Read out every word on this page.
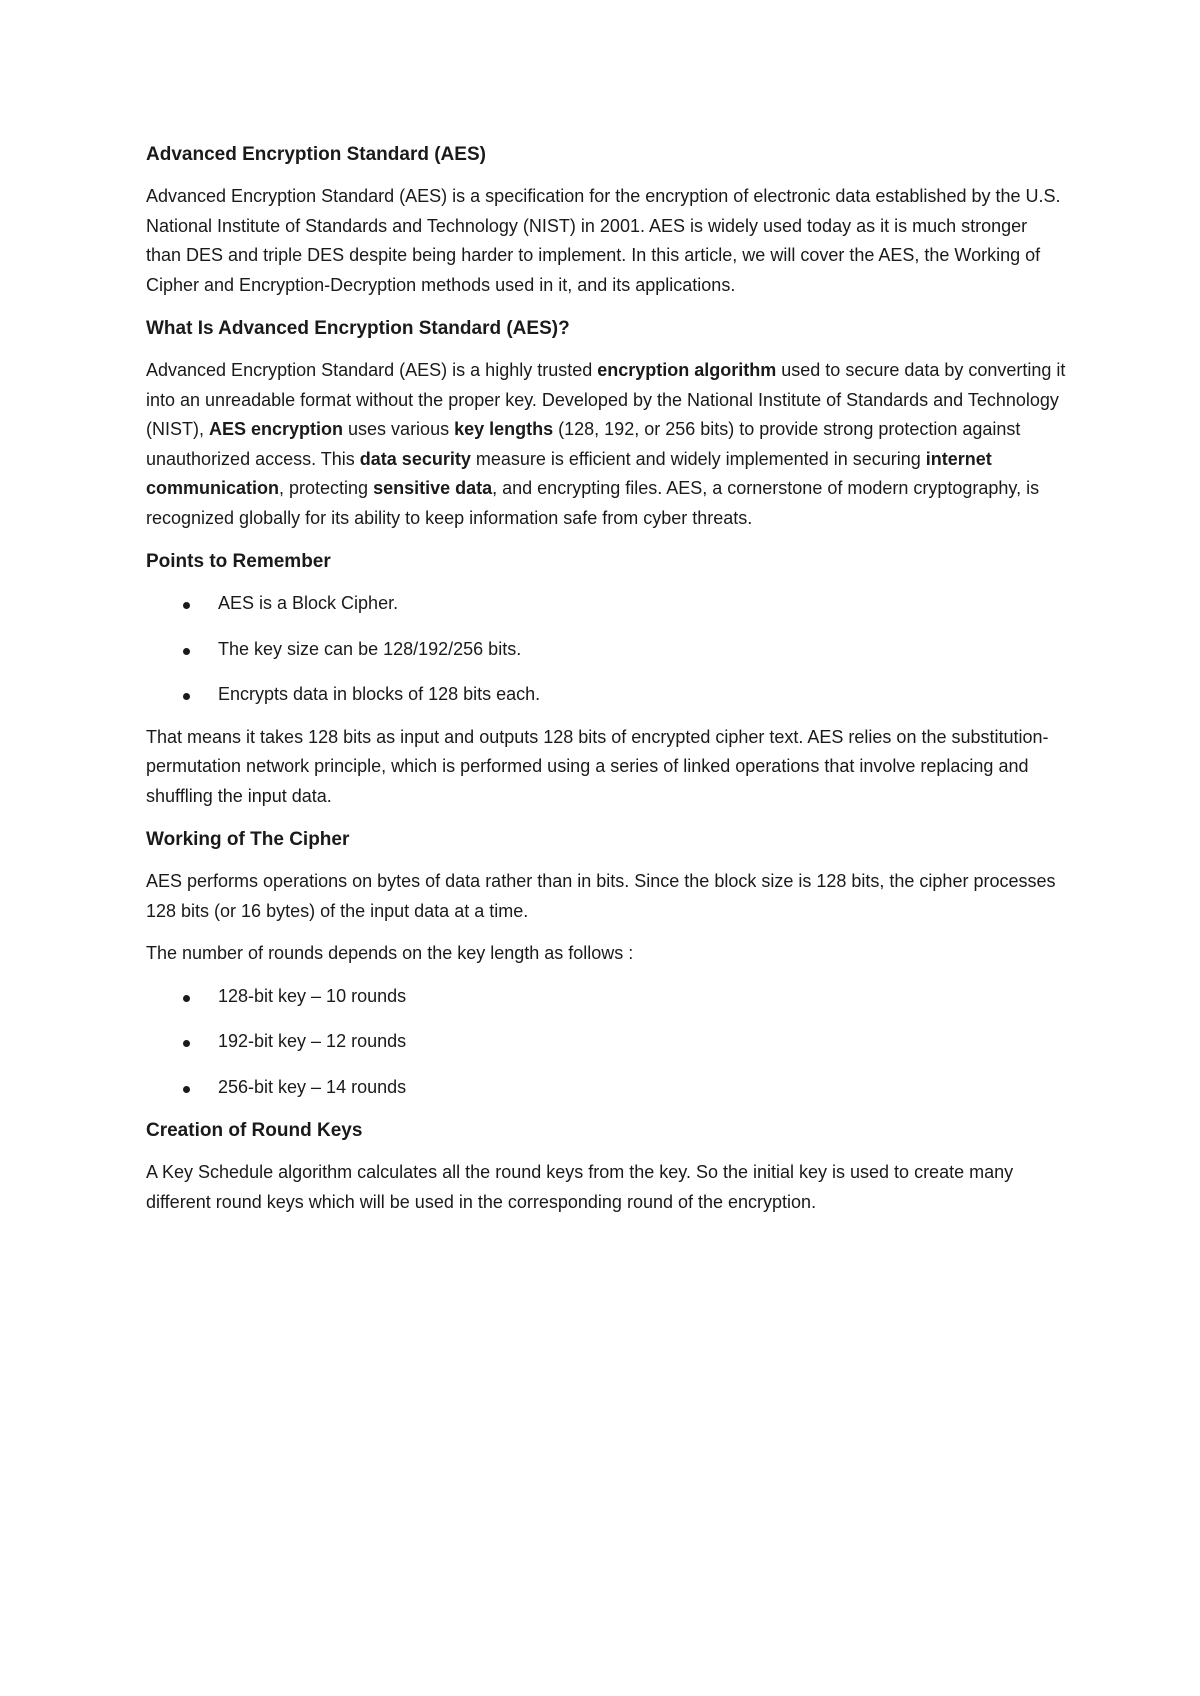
Advanced Encryption Standard (AES)

Advanced Encryption Standard (AES) is a specification for the encryption of electronic data established by the U.S. National Institute of Standards and Technology (NIST) in 2001. AES is widely used today as it is much stronger than DES and triple DES despite being harder to implement. In this article, we will cover the AES, the Working of Cipher and Encryption-Decryption methods used in it, and its applications.

What Is Advanced Encryption Standard (AES)?

Advanced Encryption Standard (AES) is a highly trusted encryption algorithm used to secure data by converting it into an unreadable format without the proper key. Developed by the National Institute of Standards and Technology (NIST), AES encryption uses various key lengths (128, 192, or 256 bits) to provide strong protection against unauthorized access. This data security measure is efficient and widely implemented in securing internet communication, protecting sensitive data, and encrypting files. AES, a cornerstone of modern cryptography, is recognized globally for its ability to keep information safe from cyber threats.

Points to Remember
AES is a Block Cipher.
The key size can be 128/192/256 bits.
Encrypts data in blocks of 128 bits each.

That means it takes 128 bits as input and outputs 128 bits of encrypted cipher text. AES relies on the substitution-permutation network principle, which is performed using a series of linked operations that involve replacing and shuffling the input data.

Working of The Cipher

AES performs operations on bytes of data rather than in bits. Since the block size is 128 bits, the cipher processes 128 bits (or 16 bytes) of the input data at a time.

The number of rounds depends on the key length as follows :

128-bit key – 10 rounds
192-bit key – 12 rounds
256-bit key – 14 rounds
Creation of Round Keys

A Key Schedule algorithm calculates all the round keys from the key. So the initial key is used to create many different round keys which will be used in the corresponding round of the encryption.
